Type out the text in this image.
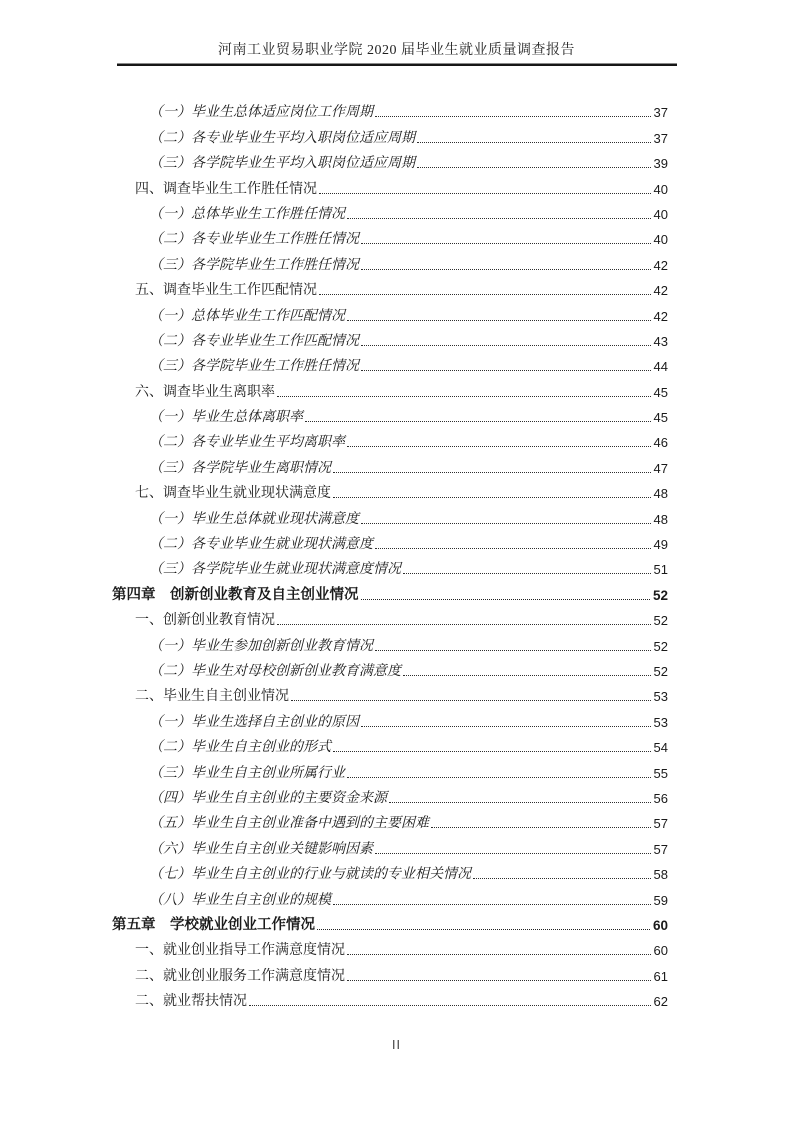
河南工业贸易职业学院 2020 届毕业生就业质量调查报告
（一）毕业生总体适应岗位工作周期	37
（二）各专业毕业生平均入职岗位适应周期	37
（三）各学院毕业生平均入职岗位适应周期	39
四、调查毕业生工作胜任情况	40
（一）总体毕业生工作胜任情况	40
（二）各专业毕业生工作胜任情况	40
（三）各学院毕业生工作胜任情况	42
五、调查毕业生工作匹配情况	42
（一）总体毕业生工作匹配情况	42
（二）各专业毕业生工作匹配情况	43
（三）各学院毕业生工作胜任情况	44
六、调查毕业生离职率	45
（一）毕业生总体离职率	45
（二）各专业毕业生平均离职率	46
（三）各学院毕业生离职情况	47
七、调查毕业生就业现状满意度	48
（一）毕业生总体就业现状满意度	48
（二）各专业毕业生就业现状满意度	49
（三）各学院毕业生就业现状满意度情况	51
第四章　创新创业教育及自主创业情况	52
一、创新创业教育情况	52
（一）毕业生参加创新创业教育情况	52
（二）毕业生对母校创新创业教育满意度	52
二、毕业生自主创业情况	53
（一）毕业生选择自主创业的原因	53
（二）毕业生自主创业的形式	54
（三）毕业生自主创业所属行业	55
（四）毕业生自主创业的主要资金来源	56
（五）毕业生自主创业准备中遇到的主要困难	57
（六）毕业生自主创业关键影响因素	57
（七）毕业生自主创业的行业与就读的专业相关情况	58
（八）毕业生自主创业的规模	59
第五章　学校就业创业工作情况	60
一、就业创业指导工作满意度情况	60
二、就业创业服务工作满意度情况	61
二、就业帮扶情况	62
II
